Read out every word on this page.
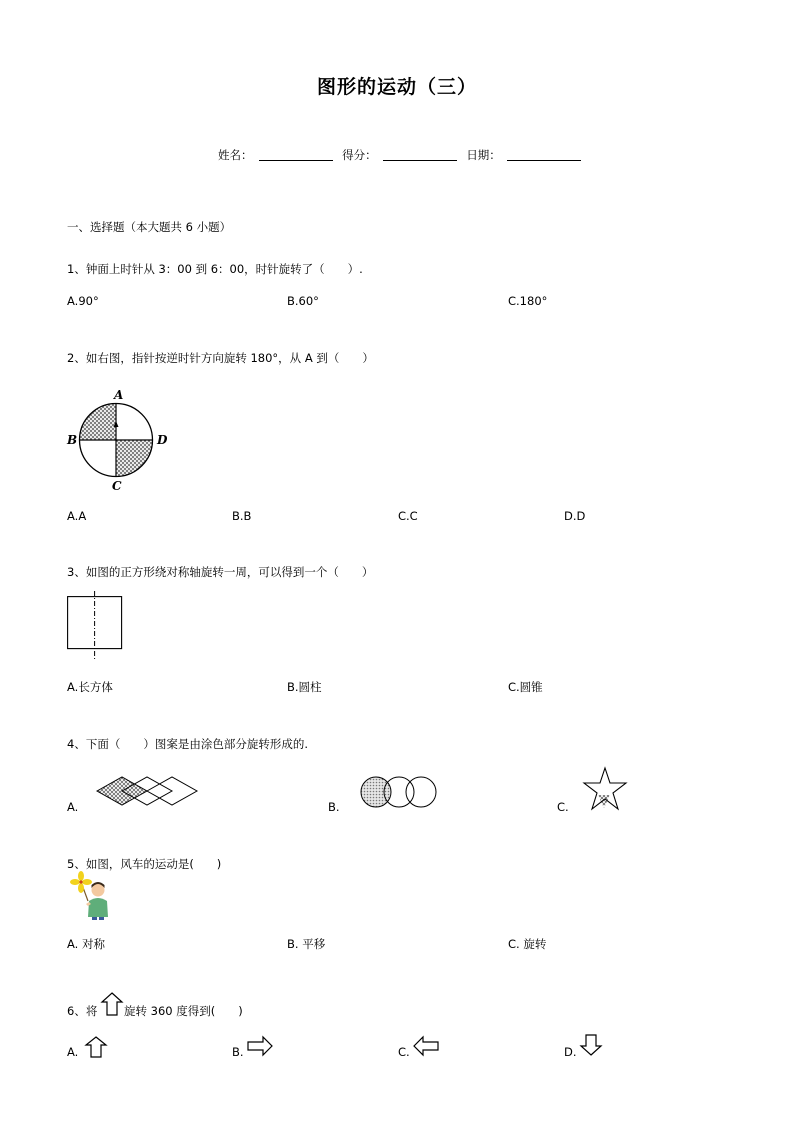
图形的运动（三）
姓名：	得分：	日期：
一、选择题（本大题共 6 小题）
1、钟面上时针从 3：00 到 6：00，时针旋转了（　　）.
A.90°	B.60°	C.180°
2、如右图，指针按逆时针方向旋转 180°，从 A 到（　　）
A
B
C
D
A.A	B.B	C.C	D.D
3、如图的正方形绕对称轴旋转一周，可以得到一个（　　）
A.长方体	B.圆柱	C.圆锥
4、下面（　　）图案是由涂色部分旋转形成的.
A.	B.	C.
5、如图，风车的运动是(　　)
A. 对称	B. 平移	C. 旋转
6、将 旋转 360 度得到(　　)
A.	B.	C.	D.
